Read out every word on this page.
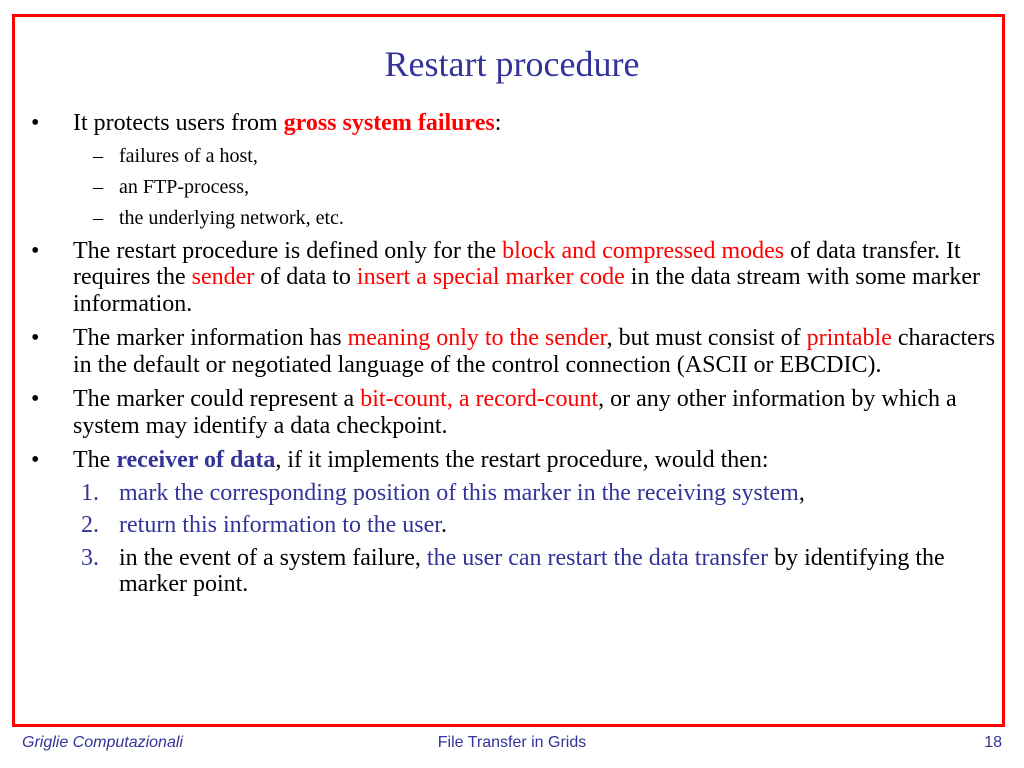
Restart procedure
• It protects users from gross system failures:
– failures of a host,
– an FTP-process,
– the underlying network, etc.
• The restart procedure is defined only for the block and compressed modes of data transfer. It requires the sender of data to insert a special marker code in the data stream with some marker information.
• The marker information has meaning only to the sender, but must consist of printable characters in the default or negotiated language of the control connection (ASCII or EBCDIC).
• The marker could represent a bit-count, a record-count, or any other information by which a system may identify a data checkpoint.
• The receiver of data, if it implements the restart procedure, would then:
1. mark the corresponding position of this marker in the receiving system,
2. return this information to the user.
3. in the event of a system failure, the user can restart the data transfer by identifying the marker point.
Griglie Computazionali	File Transfer in Grids	18
